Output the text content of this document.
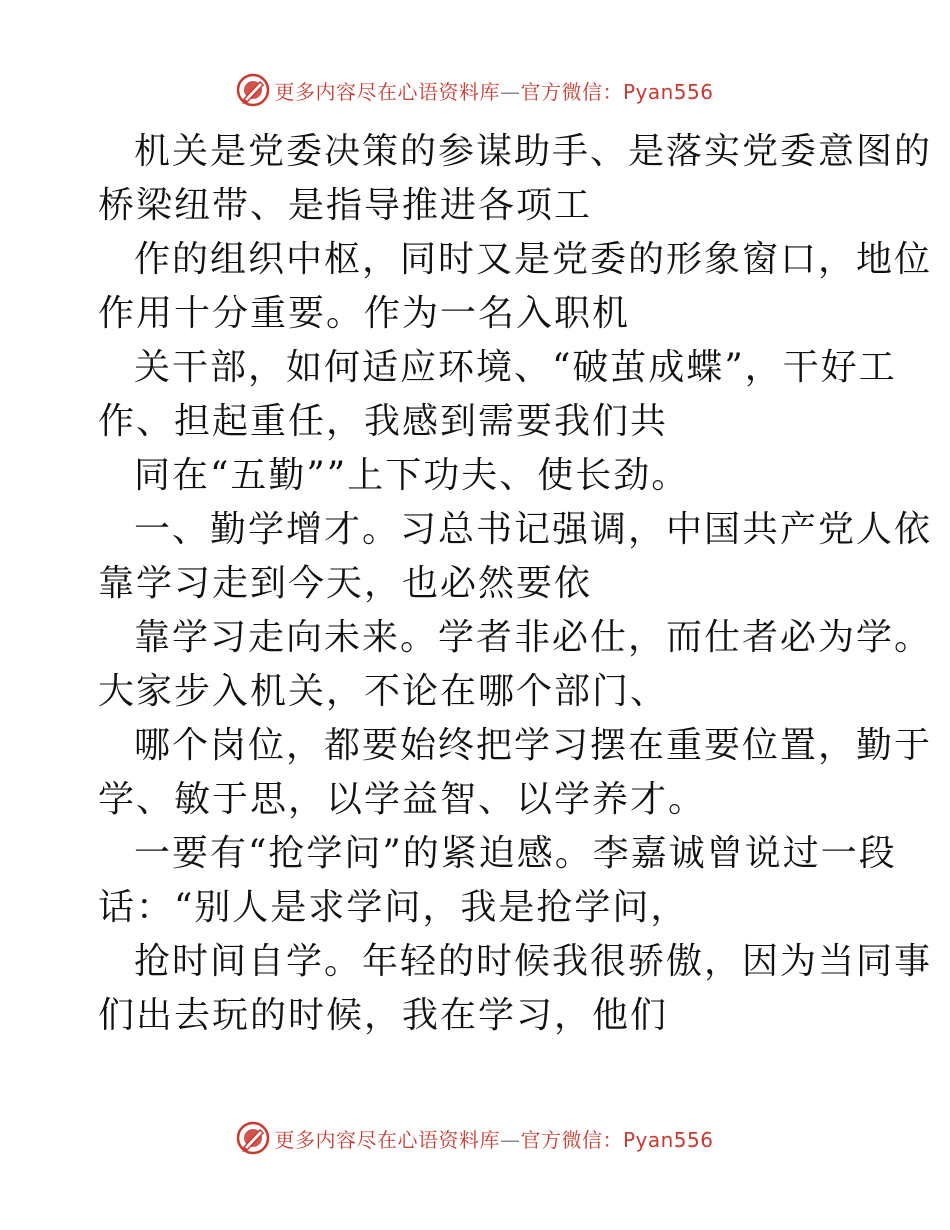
更多内容尽在心语资料库—官方微信：Pyan556

机关是党委决策的参谋助手、是落实党委意图的

桥梁纽带、是指导推进各项工

作的组织中枢，同时又是党委的形象窗口，地位

作用十分重要。作为一名入职机

关干部，如何适应环境、“破茧成蝶”，干好工

作、担起重任，我感到需要我们共

同在“五勤””上下功夫、使长劲。

一、勤学增才。习总书记强调，中国共产党人依

靠学习走到今天，也必然要依

靠学习走向未来。学者非必仕，而仕者必为学。

大家步入机关，不论在哪个部门、

哪个岗位，都要始终把学习摆在重要位置，勤于

学、敏于思，以学益智、以学养才。

一要有“抢学问”的紧迫感。李嘉诚曾说过一段

话：“别人是求学问，我是抢学问，

抢时间自学。年轻的时候我很骄傲，因为当同事

们出去玩的时候，我在学习，他们

更多内容尽在心语资料库—官方微信：Pyan556
